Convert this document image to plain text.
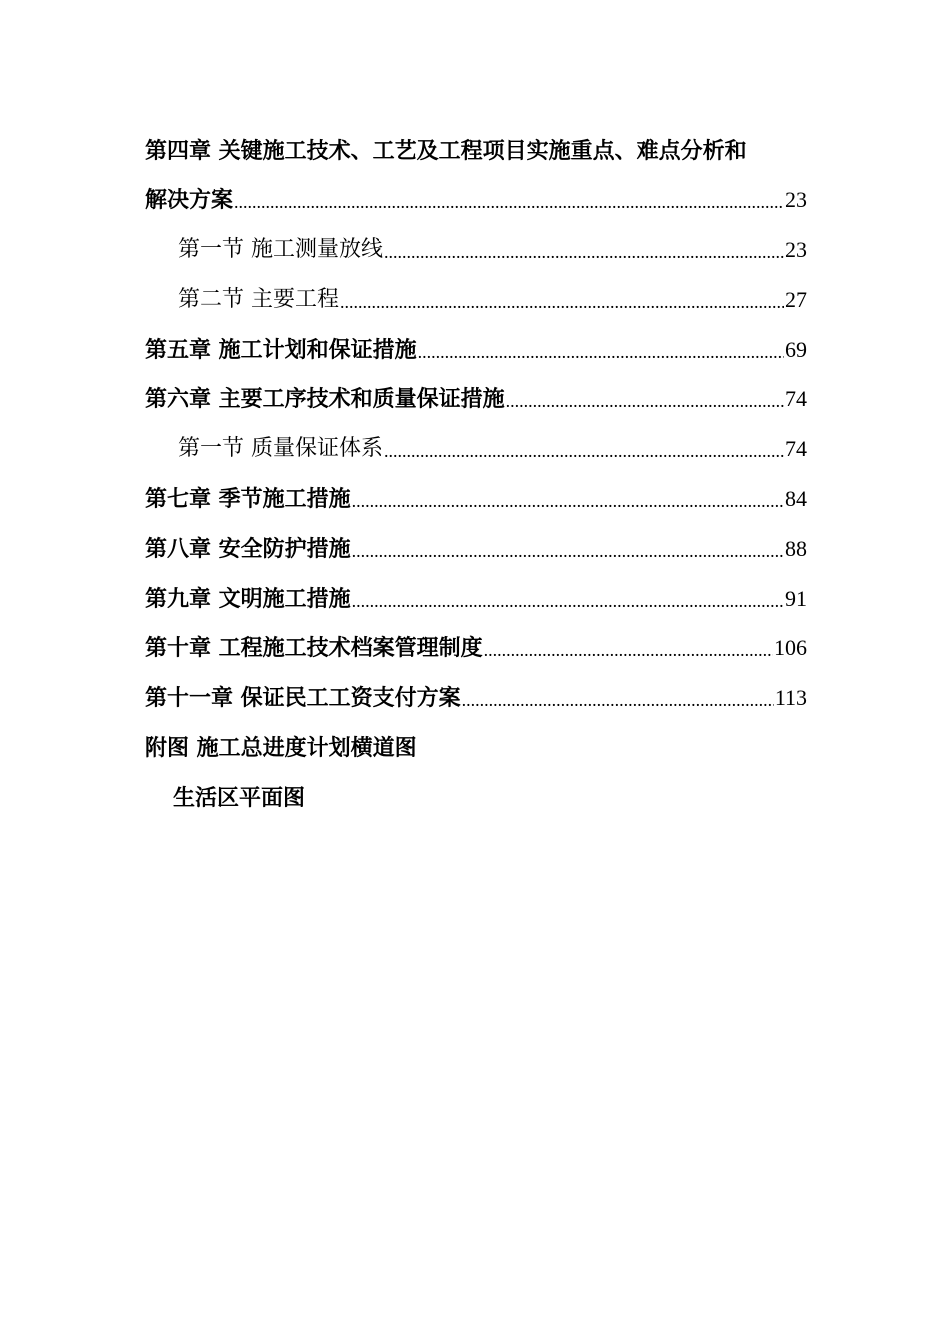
第四章 关键施工技术、工艺及工程项目实施重点、难点分析和
解决方案 .....	23
第一节 施工测量放线 .....	23
第二节 主要工程 .....	27
第五章 施工计划和保证措施 .....	69
第六章 主要工序技术和质量保证措施 .....	74
第一节 质量保证体系 .....	74
第七章 季节施工措施 .....	84
第八章 安全防护措施 .....	88
第九章 文明施工措施 .....	91
第十章 工程施工技术档案管理制度 .....	106
第十一章 保证民工工资支付方案 .....	113
附图 施工总进度计划横道图
生活区平面图
